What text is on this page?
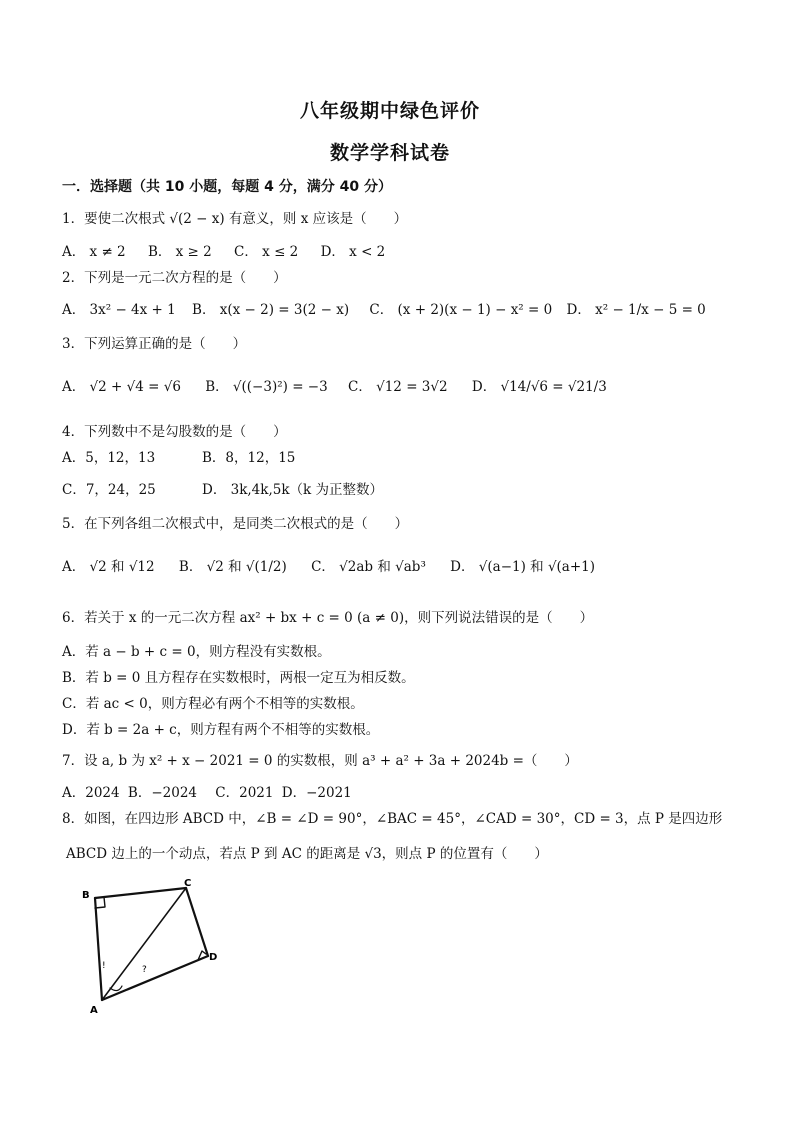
八年级期中绿色评价
数学学科试卷
一．选择题（共 10 小题，每题 4 分，满分 40 分）
1．要使二次根式 √(2 − x) 有意义，则 x 应该是（　　）
A． x ≠ 2 B． x ≥ 2 C． x ≤ 2 D． x < 2
2．下列是一元二次方程的是（　　）
A． 3x² − 4x + 1 B． x(x − 2) = 3(2 − x) C． (x + 2)(x − 1) − x² = 0 D． x² − 1/x − 5 = 0
3．下列运算正确的是（　　）
A． √2 + √4 = √6 B． √((−3)²) = −3 C． √12 = 3√2 D． √14/√6 = √21/3
4．下列数中不是勾股数的是（　　）
A．5，12，13	B．8，12，15
C．7，24，25	D． 3k,4k,5k（k 为正整数）
5．在下列各组二次根式中，是同类二次根式的是（　　）
A． √2 和 √12 B． √2 和 √(1/2) C． √2ab 和 √ab³ D． √(a−1) 和 √(a+1)
6．若关于 x 的一元二次方程 ax² + bx + c = 0 (a ≠ 0)，则下列说法错误的是（　　）
A．若 a − b + c = 0，则方程没有实数根。
B．若 b = 0 且方程存在实数根时，两根一定互为相反数。
C．若 ac < 0，则方程必有两个不相等的实数根。
D．若 b = 2a + c，则方程有两个不相等的实数根。
7．设 a, b 为 x² + x − 2021 = 0 的实数根，则 a³ + a² + 3a + 2024b =（　　）
A．2024 B．−2024 C．2021 D．−2021
8．如图，在四边形 ABCD 中，∠B = ∠D = 90°，∠BAC = 45°，∠CAD = 30°，CD = 3，点 P 是四边形
ABCD 边上的一个动点，若点 P 到 AC 的距离是 √3，则点 P 的位置有（　　）
A
B
C
D
!	?
